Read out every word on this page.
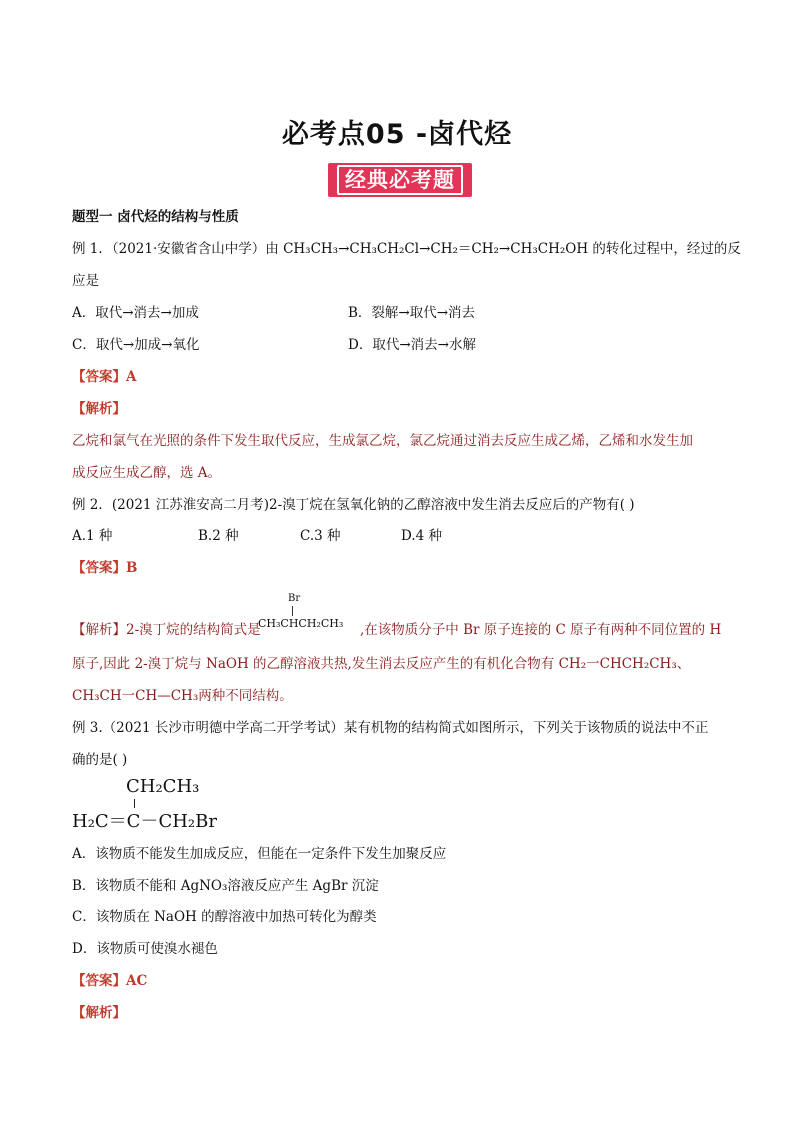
必考点05 -卤代烃
经典必考题
题型一 卤代烃的结构与性质
例 1．（2021·安徽省含山中学）由 CH₃CH₃→CH₃CH₂Cl→CH₂＝CH₂→CH₃CH₂OH 的转化过程中，经过的反
应是
A．取代→消去→加成	B．裂解→取代→消去
C．取代→加成→氧化	D．取代→消去→水解
【答案】A
【解析】
乙烷和氯气在光照的条件下发生取代反应，生成氯乙烷，氯乙烷通过消去反应生成乙烯，乙烯和水发生加
成反应生成乙醇，选 A。
例 2．(2021 江苏淮安高二月考)2-溴丁烷在氢氧化钠的乙醇溶液中发生消去反应后的产物有( )
A.1 种	B.2 种	C.3 种	D.4 种
【答案】B
【解析】2-溴丁烷的结构简式是
Br
CH₃CHCH₂CH₃ ,在该物质分子中 Br 原子连接的 C 原子有两种不同位置的 H
原子,因此 2-溴丁烷与 NaOH 的乙醇溶液共热,发生消去反应产生的有机化合物有 CH₂一CHCH₂CH₃、
CH₃CH一CH—CH₃两种不同结构。
例 3.（2021 长沙市明德中学高二开学考试）某有机物的结构简式如图所示，下列关于该物质的说法中不正
确的是( )
CH₂CH₃
H₂C＝C－CH₂Br
A．该物质不能发生加成反应，但能在一定条件下发生加聚反应
B．该物质不能和 AgNO₃溶液反应产生 AgBr 沉淀
C．该物质在 NaOH 的醇溶液中加热可转化为醇类
D．该物质可使溴水褪色
【答案】AC
【解析】
